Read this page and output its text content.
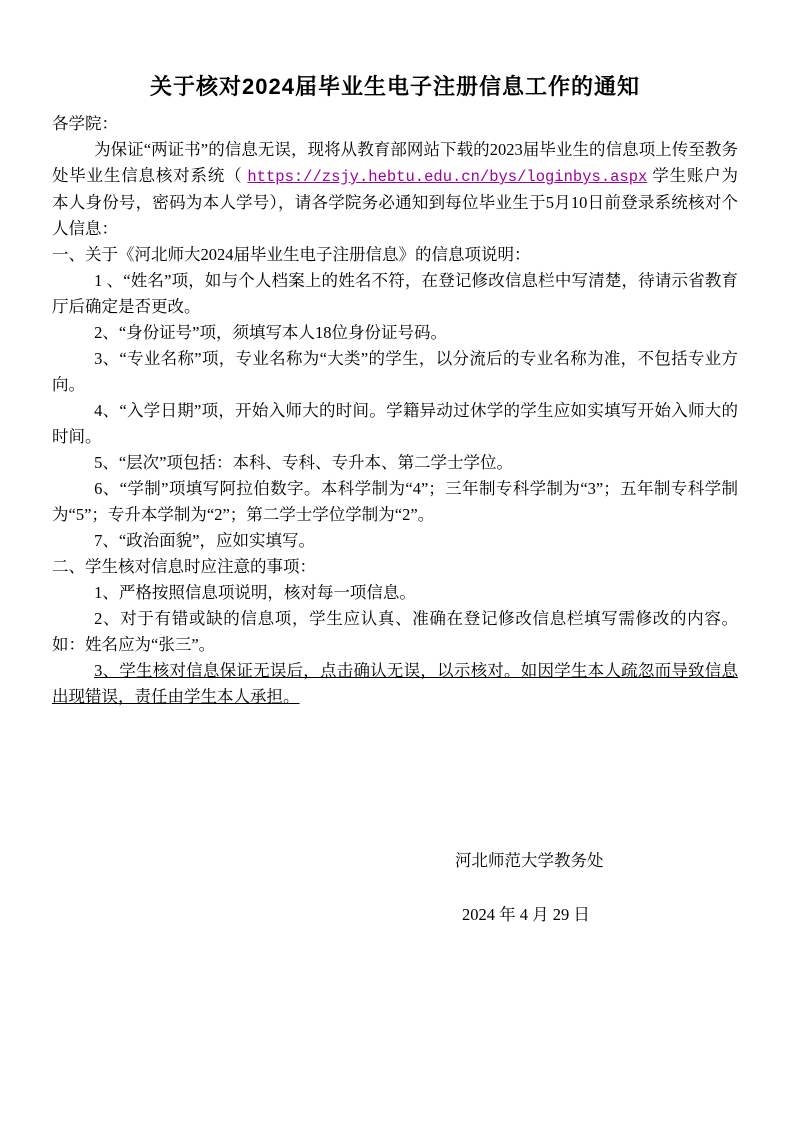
关于核对2024届毕业生电子注册信息工作的通知

各学院：

为保证“两证书”的信息无误，现将从教育部网站下载的2023届毕业生的信息项上传至教务处毕业生信息核对系统（ https://zsjy.hebtu.edu.cn/bys/loginbys.aspx 学生账户为本人身份号，密码为本人学号），请各学院务必通知到每位毕业生于5月10日前登录系统核对个人信息：

一、关于《河北师大2024届毕业生电子注册信息》的信息项说明：

1 、“姓名”项，如与个人档案上的姓名不符，在登记修改信息栏中写清楚，待请示省教育厅后确定是否更改。

2、“身份证号”项，须填写本人18位身份证号码。

3、“专业名称”项，专业名称为“大类”的学生，以分流后的专业名称为准，不包括专业方向。

4、“入学日期”项，开始入师大的时间。学籍异动过休学的学生应如实填写开始入师大的时间。

5、“层次”项包括：本科、专科、专升本、第二学士学位。

6、“学制”项填写阿拉伯数字。本科学制为“4”；三年制专科学制为“3”；五年制专科学制为“5”；专升本学制为“2”；第二学士学位学制为“2”。

7、“政治面貌”，应如实填写。

二、学生核对信息时应注意的事项：

1、严格按照信息项说明，核对每一项信息。

2、对于有错或缺的信息项，学生应认真、准确在登记修改信息栏填写需修改的内容。如：姓名应为“张三”。

3、学生核对信息保证无误后，点击确认无误，以示核对。如因学生本人疏忽而导致信息出现错误，责任由学生本人承担。

河北师范大学教务处

2024 年 4 月 29 日
